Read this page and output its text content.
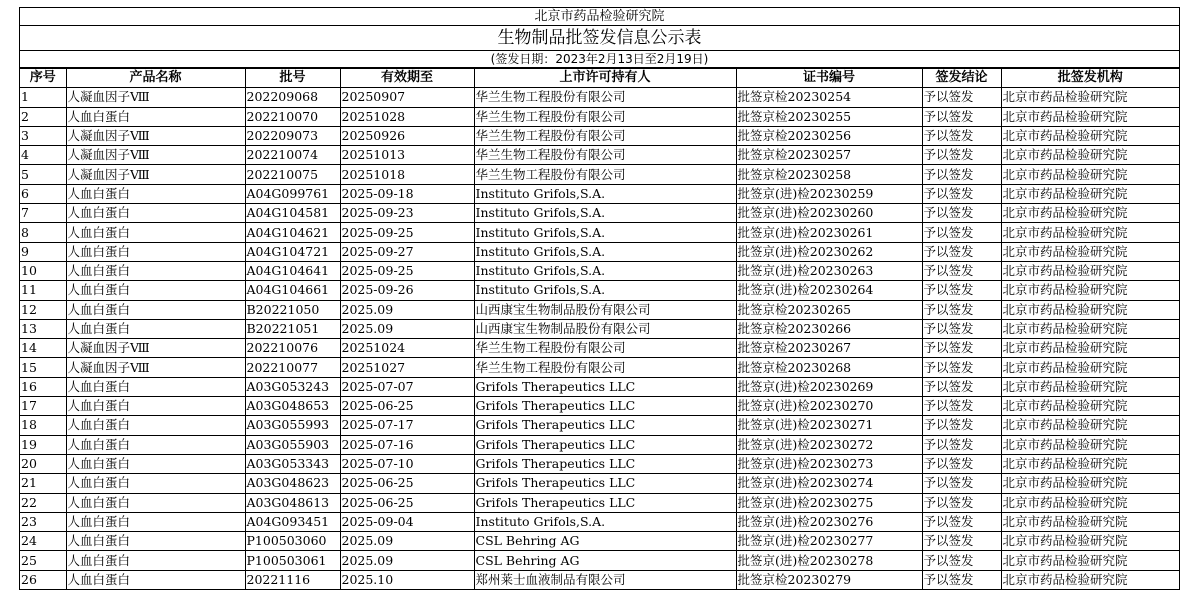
北京市药品检验研究院
生物制品批签发信息公示表
(签发日期：2023年2月13日至2月19日)
序号	产品名称	批号	有效期至	上市许可持有人	证书编号	签发结论	批签发机构
1	人凝血因子Ⅷ	202209068	20250907	华兰生物工程股份有限公司	批签京检20230254	予以签发	北京市药品检验研究院
2	人血白蛋白	202210070	20251028	华兰生物工程股份有限公司	批签京检20230255	予以签发	北京市药品检验研究院
3	人凝血因子Ⅷ	202209073	20250926	华兰生物工程股份有限公司	批签京检20230256	予以签发	北京市药品检验研究院
4	人凝血因子Ⅷ	202210074	20251013	华兰生物工程股份有限公司	批签京检20230257	予以签发	北京市药品检验研究院
5	人凝血因子Ⅷ	202210075	20251018	华兰生物工程股份有限公司	批签京检20230258	予以签发	北京市药品检验研究院
6	人血白蛋白	A04G099761	2025-09-18	Instituto Grifols,S.A.	批签京(进)检20230259	予以签发	北京市药品检验研究院
7	人血白蛋白	A04G104581	2025-09-23	Instituto Grifols,S.A.	批签京(进)检20230260	予以签发	北京市药品检验研究院
8	人血白蛋白	A04G104621	2025-09-25	Instituto Grifols,S.A.	批签京(进)检20230261	予以签发	北京市药品检验研究院
9	人血白蛋白	A04G104721	2025-09-27	Instituto Grifols,S.A.	批签京(进)检20230262	予以签发	北京市药品检验研究院
10	人血白蛋白	A04G104641	2025-09-25	Instituto Grifols,S.A.	批签京(进)检20230263	予以签发	北京市药品检验研究院
11	人血白蛋白	A04G104661	2025-09-26	Instituto Grifols,S.A.	批签京(进)检20230264	予以签发	北京市药品检验研究院
12	人血白蛋白	B20221050	2025.09	山西康宝生物制品股份有限公司	批签京检20230265	予以签发	北京市药品检验研究院
13	人血白蛋白	B20221051	2025.09	山西康宝生物制品股份有限公司	批签京检20230266	予以签发	北京市药品检验研究院
14	人凝血因子Ⅷ	202210076	20251024	华兰生物工程股份有限公司	批签京检20230267	予以签发	北京市药品检验研究院
15	人凝血因子Ⅷ	202210077	20251027	华兰生物工程股份有限公司	批签京检20230268	予以签发	北京市药品检验研究院
16	人血白蛋白	A03G053243	2025-07-07	Grifols Therapeutics LLC	批签京(进)检20230269	予以签发	北京市药品检验研究院
17	人血白蛋白	A03G048653	2025-06-25	Grifols Therapeutics LLC	批签京(进)检20230270	予以签发	北京市药品检验研究院
18	人血白蛋白	A03G055993	2025-07-17	Grifols Therapeutics LLC	批签京(进)检20230271	予以签发	北京市药品检验研究院
19	人血白蛋白	A03G055903	2025-07-16	Grifols Therapeutics LLC	批签京(进)检20230272	予以签发	北京市药品检验研究院
20	人血白蛋白	A03G053343	2025-07-10	Grifols Therapeutics LLC	批签京(进)检20230273	予以签发	北京市药品检验研究院
21	人血白蛋白	A03G048623	2025-06-25	Grifols Therapeutics LLC	批签京(进)检20230274	予以签发	北京市药品检验研究院
22	人血白蛋白	A03G048613	2025-06-25	Grifols Therapeutics LLC	批签京(进)检20230275	予以签发	北京市药品检验研究院
23	人血白蛋白	A04G093451	2025-09-04	Instituto Grifols,S.A.	批签京(进)检20230276	予以签发	北京市药品检验研究院
24	人血白蛋白	P100503060	2025.09	CSL Behring AG	批签京(进)检20230277	予以签发	北京市药品检验研究院
25	人血白蛋白	P100503061	2025.09	CSL Behring AG	批签京(进)检20230278	予以签发	北京市药品检验研究院
26	人血白蛋白	20221116	2025.10	郑州莱士血液制品有限公司	批签京检20230279	予以签发	北京市药品检验研究院
